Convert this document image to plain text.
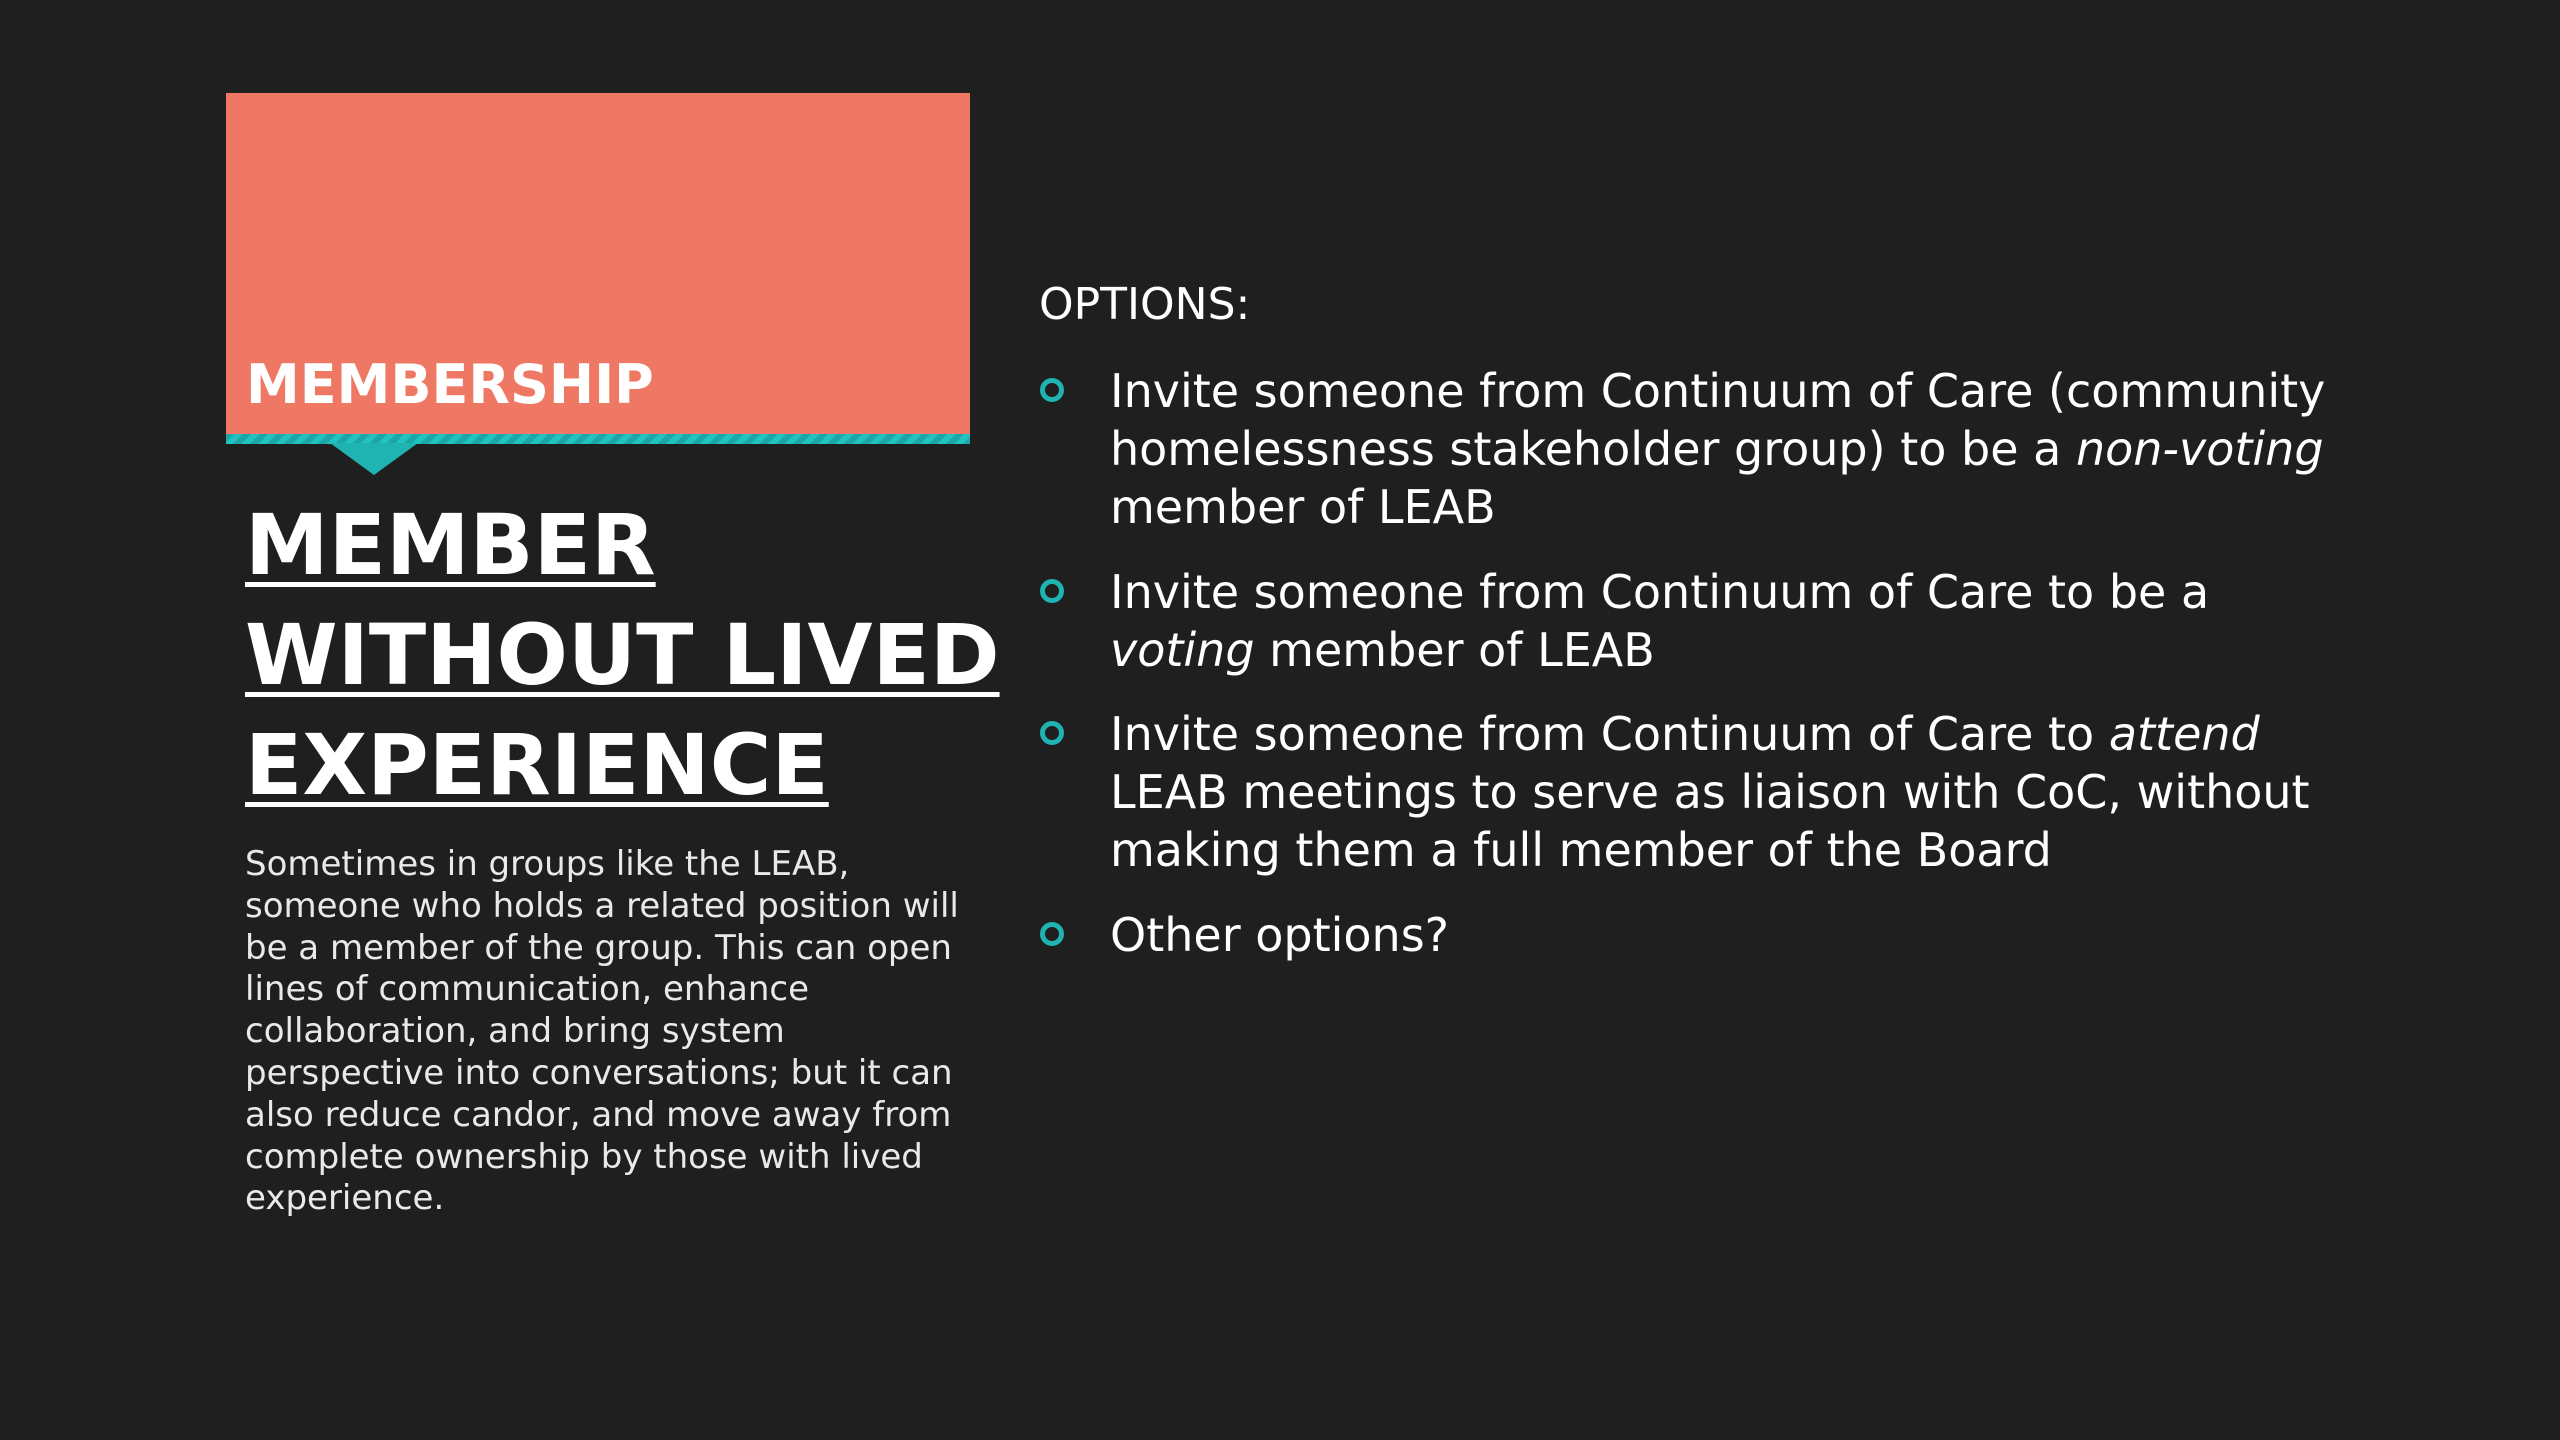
MEMBERSHIP
MEMBER
WITHOUT LIVED
EXPERIENCE

Sometimes in groups like the LEAB, someone who holds a related position will be a member of the group. This can open lines of communication, enhance collaboration, and bring system perspective into conversations; but it can also reduce candor, and move away from complete ownership by those with lived experience.

OPTIONS:
Invite someone from Continuum of Care (community homelessness stakeholder group) to be a non-voting member of LEAB
Invite someone from Continuum of Care to be a voting member of LEAB
Invite someone from Continuum of Care to attend LEAB meetings to serve as liaison with CoC, without making them a full member of the Board
Other options?
